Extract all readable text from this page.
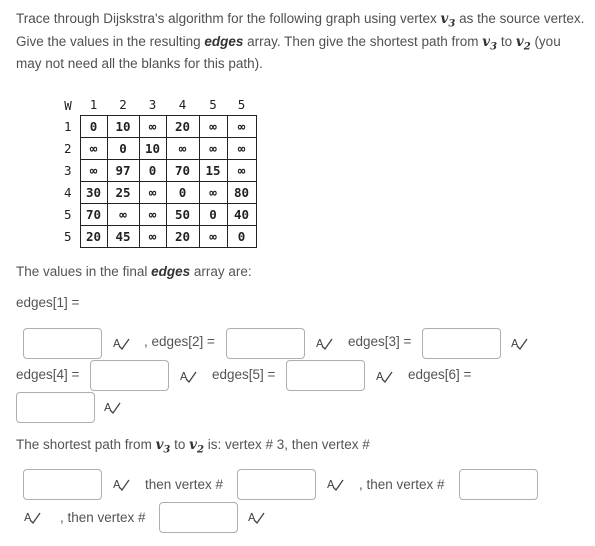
Trace through Dijskstra's algorithm for the following graph using vertex $v_3$ as the source vertex. Give the values in the resulting edges array. Then give the shortest path from $v_3$ to $v_2$ (you may not need all the blanks for this path).
W	1	2	3	4	5	5
1	0	10	∞	20	∞	∞
2	∞	0	10	∞	∞	∞
3	∞	97	0	70	15	∞
4	30	25	∞	0	∞	80
5	70	∞	∞	50	0	40
5	20	45	∞	20	∞	0
The values in the final edges array are:
edges[1] =
A , edges[2] =	A edges[3] =	A
edges[4] =	A edges[5] =	A edges[6] =
A
The shortest path from $v_3$ to $v_2$ is: vertex # 3, then vertex #
A then vertex #	A , then vertex #
A , then vertex #	A
